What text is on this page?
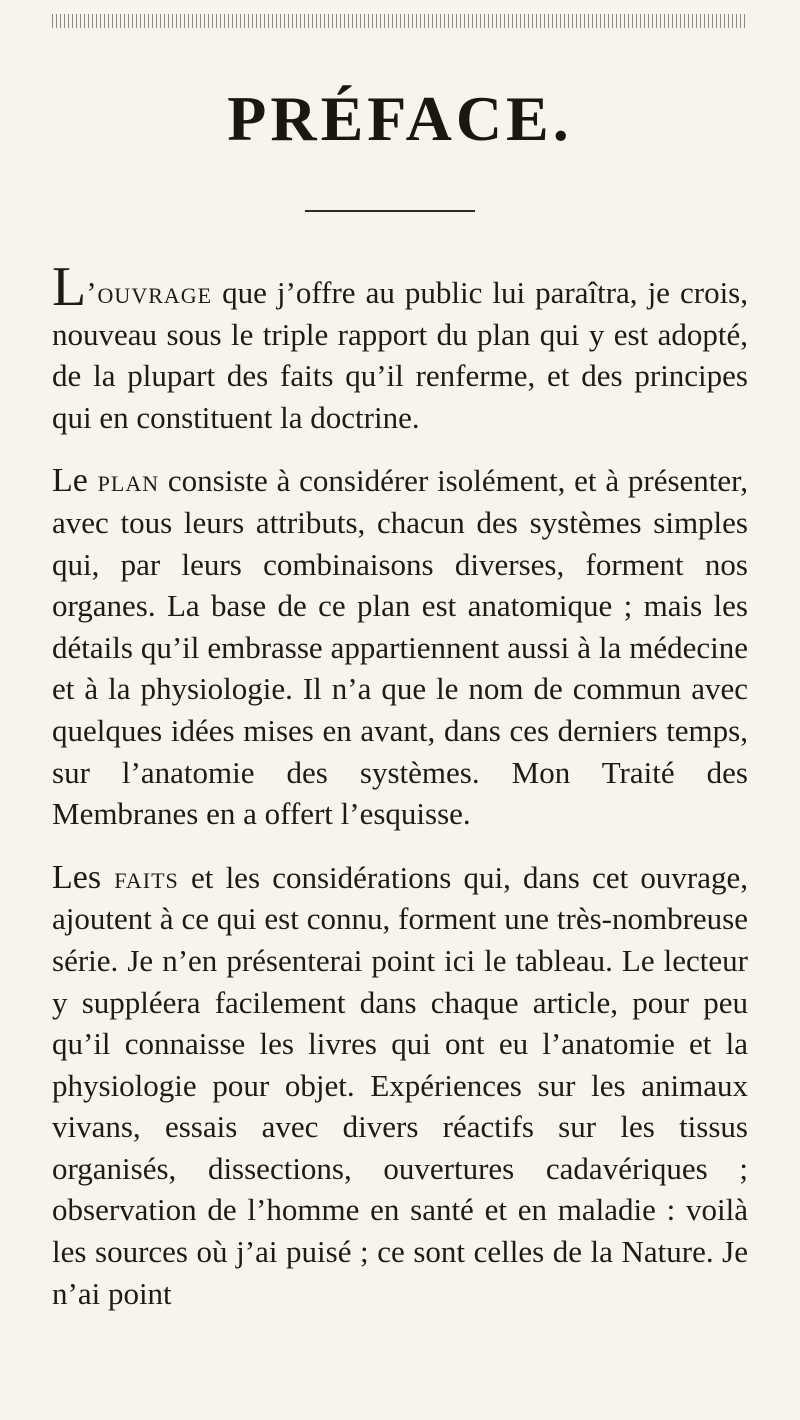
PRÉFACE.

L’ouvrage que j’offre au public lui paraîtra, je crois, nouveau sous le triple rapport du plan qui y est adopté, de la plupart des faits qu’il renferme, et des principes qui en constituent la doctrine.

Le plan consiste à considérer isolément, et à présenter, avec tous leurs attributs, chacun des systèmes simples qui, par leurs combinaisons diverses, forment nos organes. La base de ce plan est anatomique ; mais les détails qu’il embrasse appartiennent aussi à la médecine et à la physiologie. Il n’a que le nom de commun avec quelques idées mises en avant, dans ces derniers temps, sur l’anatomie des systèmes. Mon Traité des Membranes en a offert l’esquisse.

Les faits et les considérations qui, dans cet ouvrage, ajoutent à ce qui est connu, forment une très-nombreuse série. Je n’en présenterai point ici le tableau. Le lecteur y suppléera facilement dans chaque article, pour peu qu’il connaisse les livres qui ont eu l’anatomie et la physiologie pour objet. Expériences sur les animaux vivans, essais avec divers réactifs sur les tissus organisés, dissections, ouvertures cadavériques ; observation de l’homme en santé et en maladie : voilà les sources où j’ai puisé ; ce sont celles de la Nature. Je n’ai point
